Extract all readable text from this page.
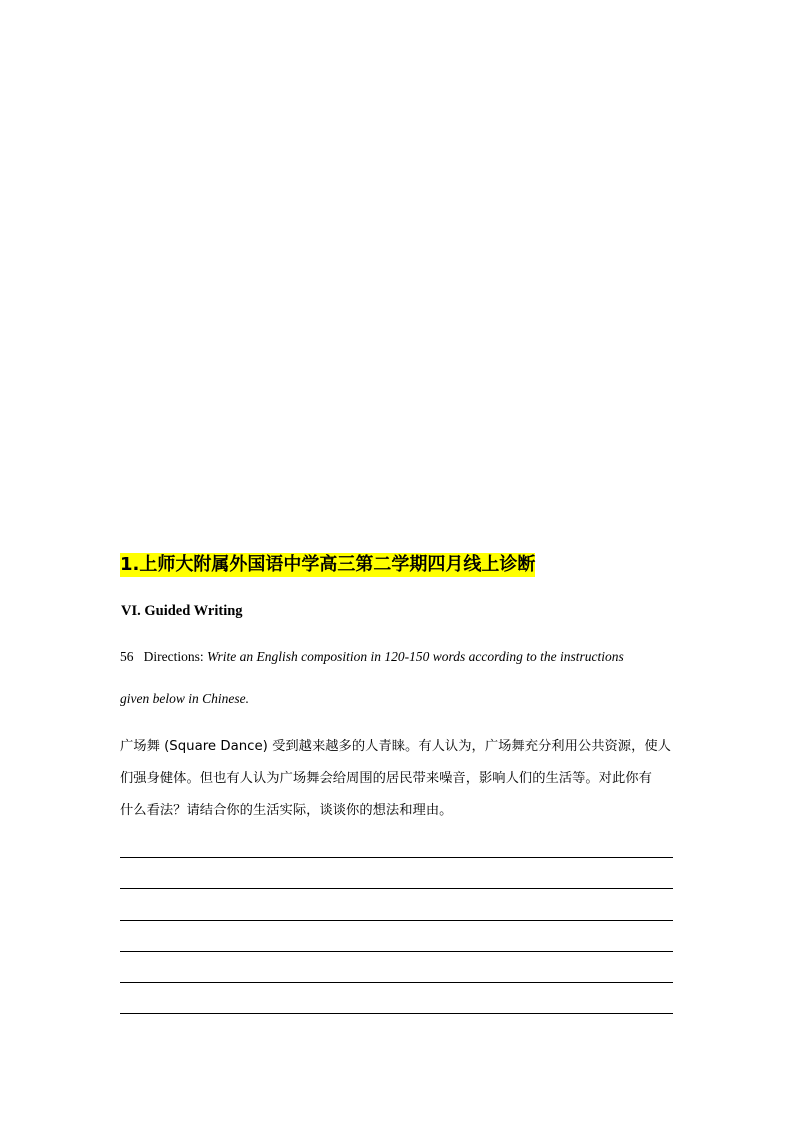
1.上师大附属外国语中学高三第二学期四月线上诊断
VI. Guided Writing

56 Directions: Write an English composition in 120-150 words according to the instructions

given below in Chinese.

广场舞 (Square Dance) 受到越来越多的人青睐。有人认为，广场舞充分利用公共资源，使人

们强身健体。但也有人认为广场舞会给周围的居民带来噪音，影响人们的生活等。对此你有

什么看法？请结合你的生活实际，谈谈你的想法和理由。
